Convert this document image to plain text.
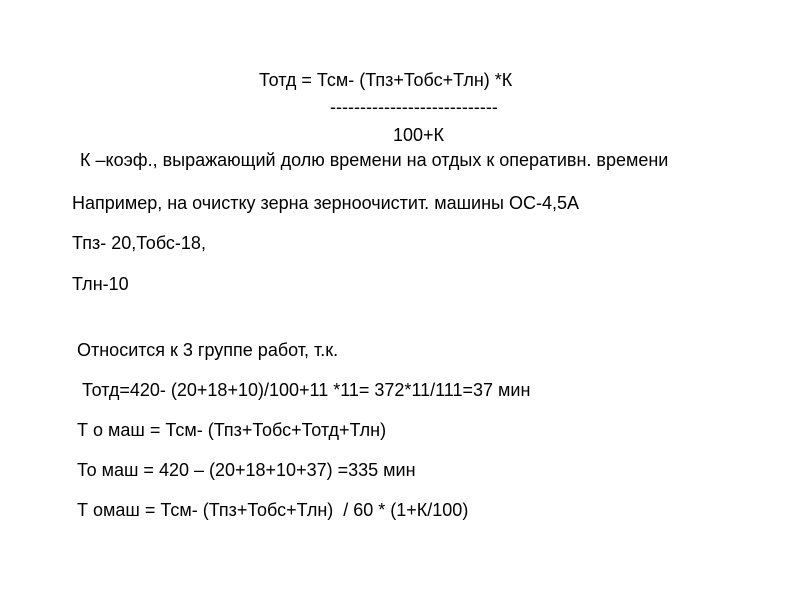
Тотд = Тсм- (Тпз+Тобс+Тлн) *К
----------------------------
100+К
К –коэф., выражающий долю времени на отдых к оперативн. времени
Например, на очистку зерна зерноочистит. машины ОС-4,5А
Тпз- 20,Тобс-18,
Тлн-10
Относится к 3 группе работ, т.к.
Тотд=420- (20+18+10)/100+11 *11= 372*11/111=37 мин
Т о маш = Тсм- (Тпз+Тобс+Тотд+Тлн)
То маш = 420 – (20+18+10+37) =335 мин
Т омаш = Тсм- (Тпз+Тобс+Тлн)  / 60 * (1+К/100)
